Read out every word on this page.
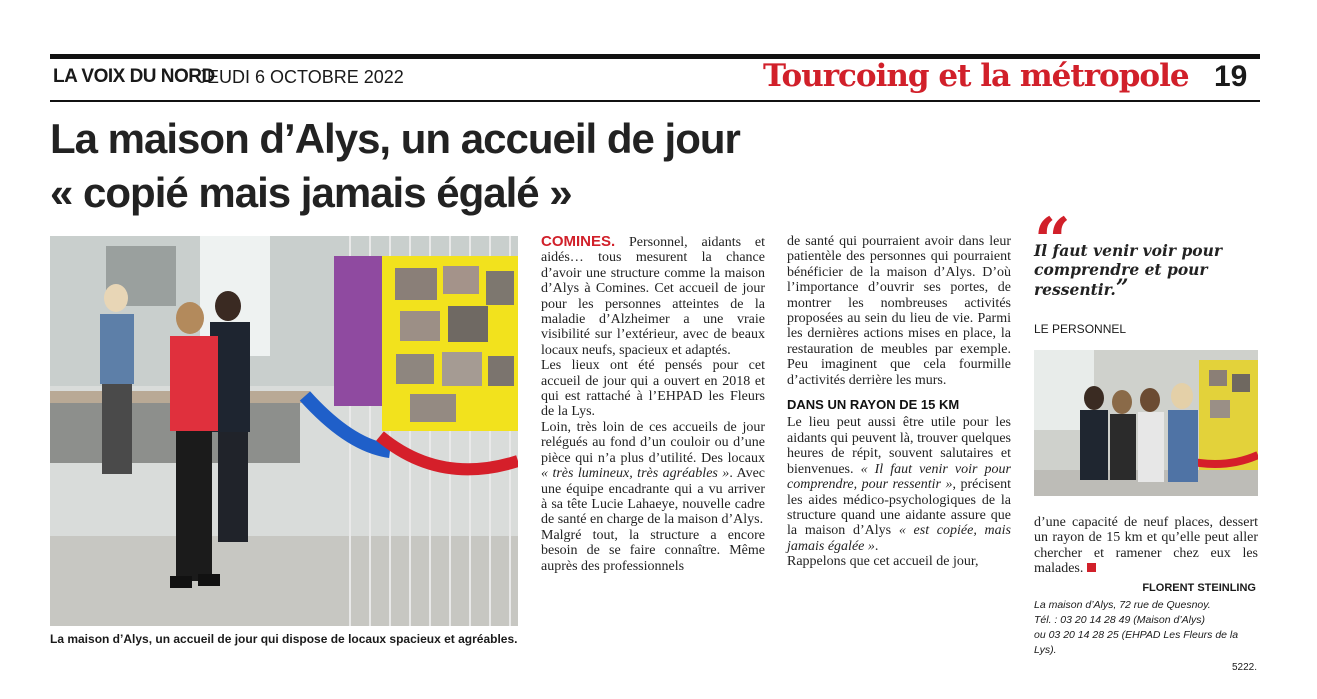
LA VOIX DU NORD
JEUDI 6 OCTOBRE 2022	Tourcoing et la métropole 19
La maison d’Alys, un accueil de jour
« copié mais jamais égalé »
La maison d’Alys, un accueil de jour qui dispose de locaux spacieux et agréables.

COMINES. Personnel, aidants et aidés… tous mesurent la chance d’avoir une structure comme la maison d’Alys à Comines. Cet accueil de jour pour les personnes atteintes de la maladie d’Alzheimer a une vraie visibilité sur l’extérieur, avec de beaux locaux neufs, spacieux et adaptés.

Les lieux ont été pensés pour cet accueil de jour qui a ouvert en 2018 et qui est rattaché à l’EHPAD les Fleurs de la Lys.

Loin, très loin de ces accueils de jour relégués au fond d’un couloir ou d’une pièce qui n’a plus d’utilité. Des locaux « très lumineux, très agréables ». Avec une équipe encadrante qui a vu arriver à sa tête Lucie Lahaeye, nouvelle cadre de santé en charge de la maison d’Alys.

Malgré tout, la structure a encore besoin de se faire connaître. Même auprès des professionnels

de santé qui pourraient avoir dans leur patientèle des personnes qui pourraient bénéficier de la maison d’Alys. D’où l’importance d’ouvrir ses portes, de montrer les nombreuses activités proposées au sein du lieu de vie. Parmi les dernières actions mises en place, la restauration de meubles par exemple. Peu imaginent que cela fourmille d’activités derrière les murs.

DANS UN RAYON DE 15 KM

Le lieu peut aussi être utile pour les aidants qui peuvent là, trouver quelques heures de répit, souvent salutaires et bienvenues. « Il faut venir voir pour comprendre, pour ressentir », précisent les aides médico-psychologiques de la structure quand une aidante assure que la maison d’Alys « est copiée, mais jamais égalée ».

Rappelons que cet accueil de jour,

“
Il faut venir voir pour comprendre et pour ressentir.”
LE PERSONNEL

d’une capacité de neuf places, dessert un rayon de 15 km et qu’elle peut aller chercher et ramener chez eux les malades.

FLORENT STEINLING
La maison d’Alys, 72 rue de Quesnoy.
Tél. : 03 20 14 28 49 (Maison d’Alys)
ou 03 20 14 28 25 (EHPAD Les Fleurs de la Lys).
5222.
